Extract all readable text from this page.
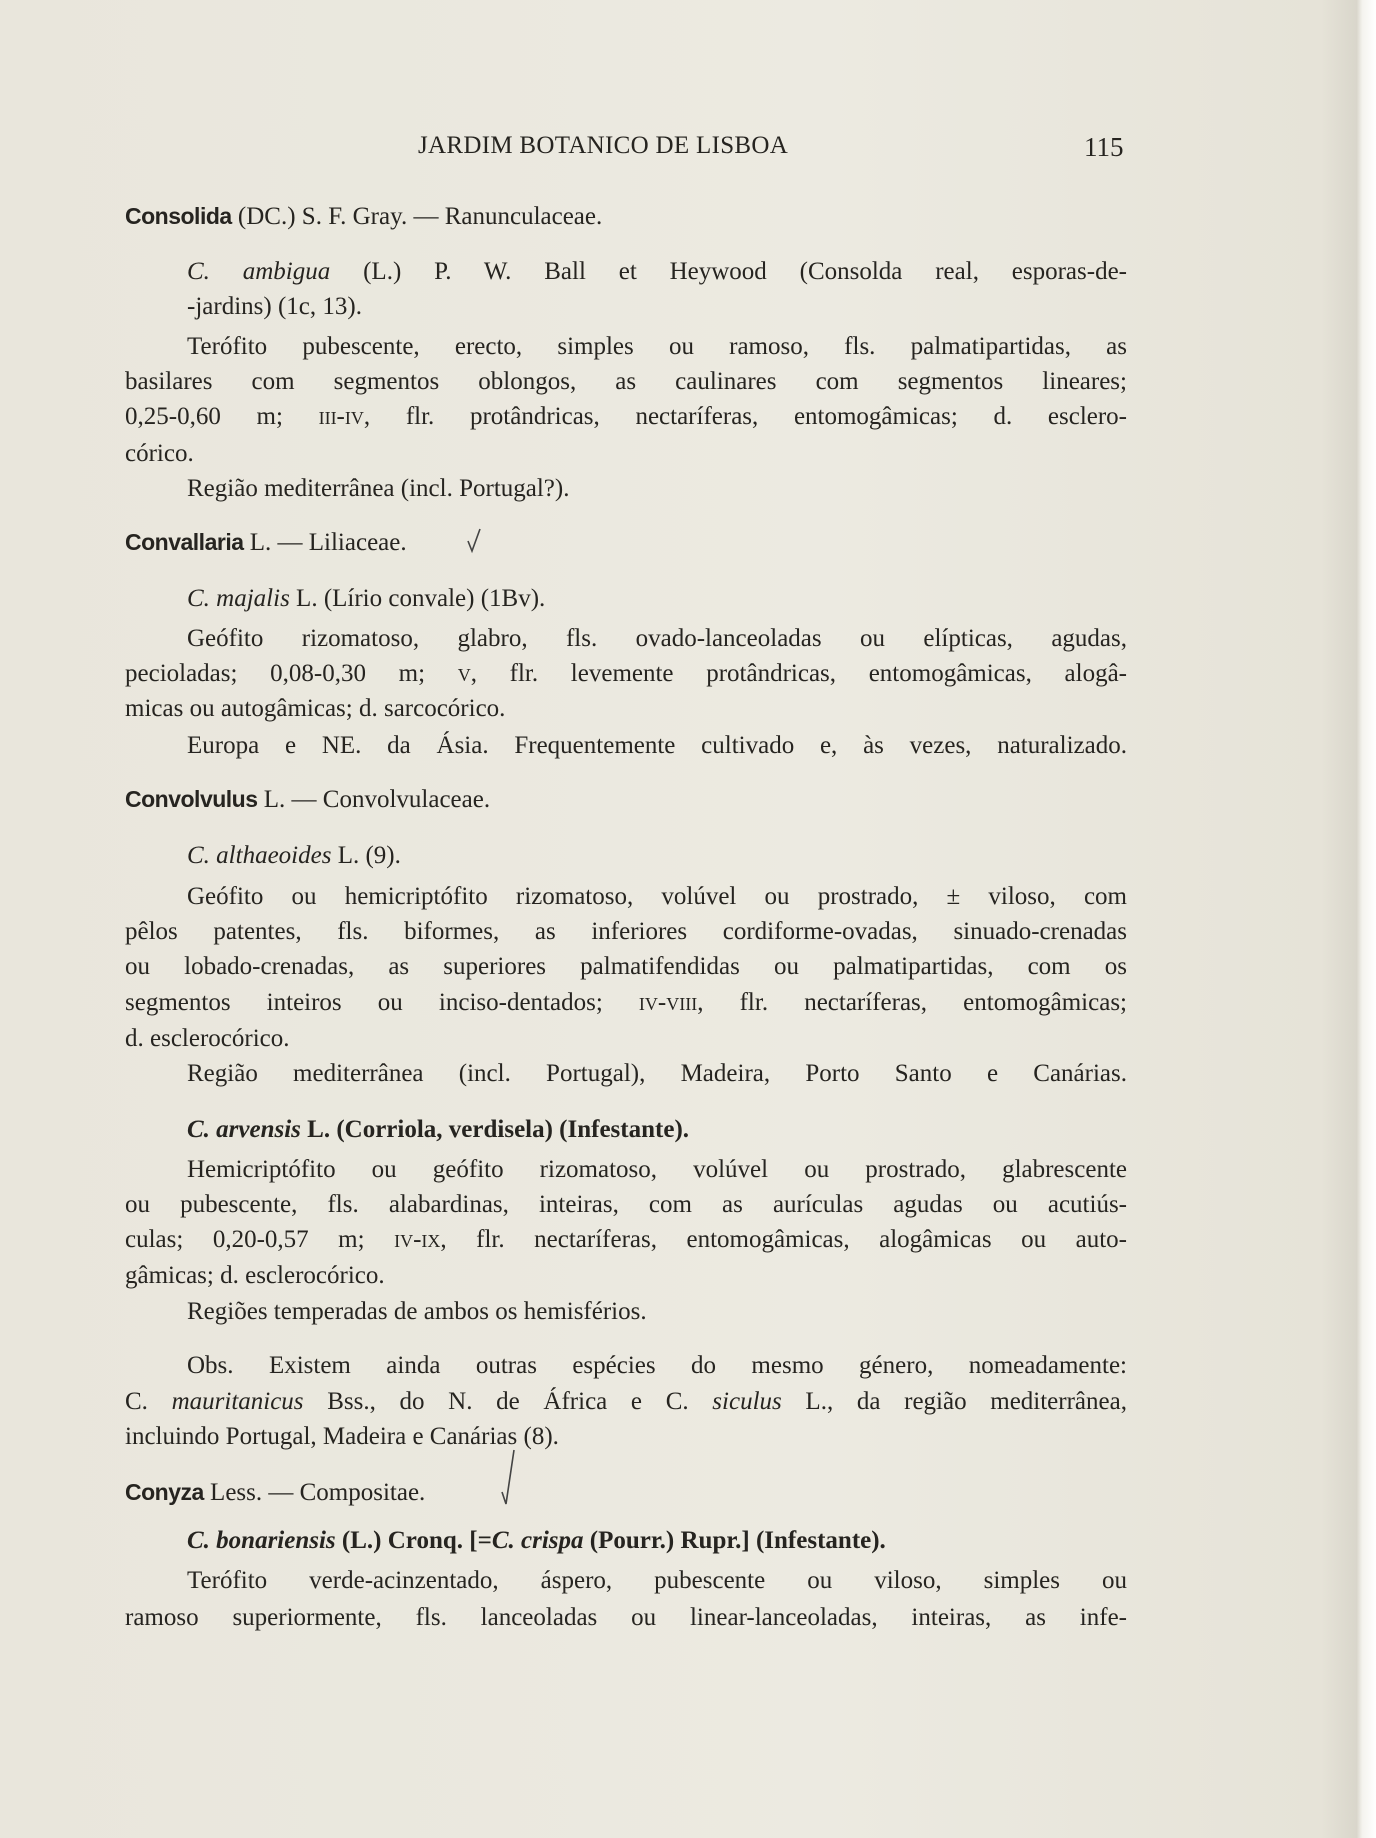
JARDIM BOTANICO DE LISBOA	115
Consolida (DC.) S. F. Gray. — Ranunculaceae.
C. ambigua (L.) P. W. Ball et Heywood (Consolda real, esporas-de-
-jardins) (1c, 13).
Terófito pubescente, erecto, simples ou ramoso, fls. palmatipartidas, as
basilares com segmentos oblongos, as caulinares com segmentos lineares;
0,25-0,60 m; iii-iv, flr. protândricas, nectaríferas, entomogâmicas; d. esclero-
córico.
Região mediterrânea (incl. Portugal?).
Convallaria L. — Liliaceae.
C. majalis L. (Lírio convale) (1Bv).
Geófito rizomatoso, glabro, fls. ovado-lanceoladas ou elípticas, agudas,
pecioladas; 0,08-0,30 m; v, flr. levemente protândricas, entomogâmicas, alogâ-
micas ou autogâmicas; d. sarcocórico.
Europa e NE. da Ásia. Frequentemente cultivado e, às vezes, naturalizado.
Convolvulus L. — Convolvulaceae.
C. althaeoides L. (9).
Geófito ou hemicriptófito rizomatoso, volúvel ou prostrado, ± viloso, com
pêlos patentes, fls. biformes, as inferiores cordiforme-ovadas, sinuado-crenadas
ou lobado-crenadas, as superiores palmatifendidas ou palmatipartidas, com os
segmentos inteiros ou inciso-dentados; iv-viii, flr. nectaríferas, entomogâmicas;
d. esclerocórico.
Região mediterrânea (incl. Portugal), Madeira, Porto Santo e Canárias.
C. arvensis L. (Corriola, verdisela) (Infestante).
Hemicriptófito ou geófito rizomatoso, volúvel ou prostrado, glabrescente
ou pubescente, fls. alabardinas, inteiras, com as aurículas agudas ou acutiús-
culas; 0,20-0,57 m; iv-ix, flr. nectaríferas, entomogâmicas, alogâmicas ou auto-
gâmicas; d. esclerocórico.
Regiões temperadas de ambos os hemisférios.
Obs. Existem ainda outras espécies do mesmo género, nomeadamente:
C. mauritanicus Bss., do N. de África e C. siculus L., da região mediterrânea,
incluindo Portugal, Madeira e Canárias (8).
Conyza Less. — Compositae.
C. bonariensis (L.) Cronq. [=C. crispa (Pourr.) Rupr.] (Infestante).
Terófito verde-acinzentado, áspero, pubescente ou viloso, simples ou
ramoso superiormente, fls. lanceoladas ou linear-lanceoladas, inteiras, as infe-
